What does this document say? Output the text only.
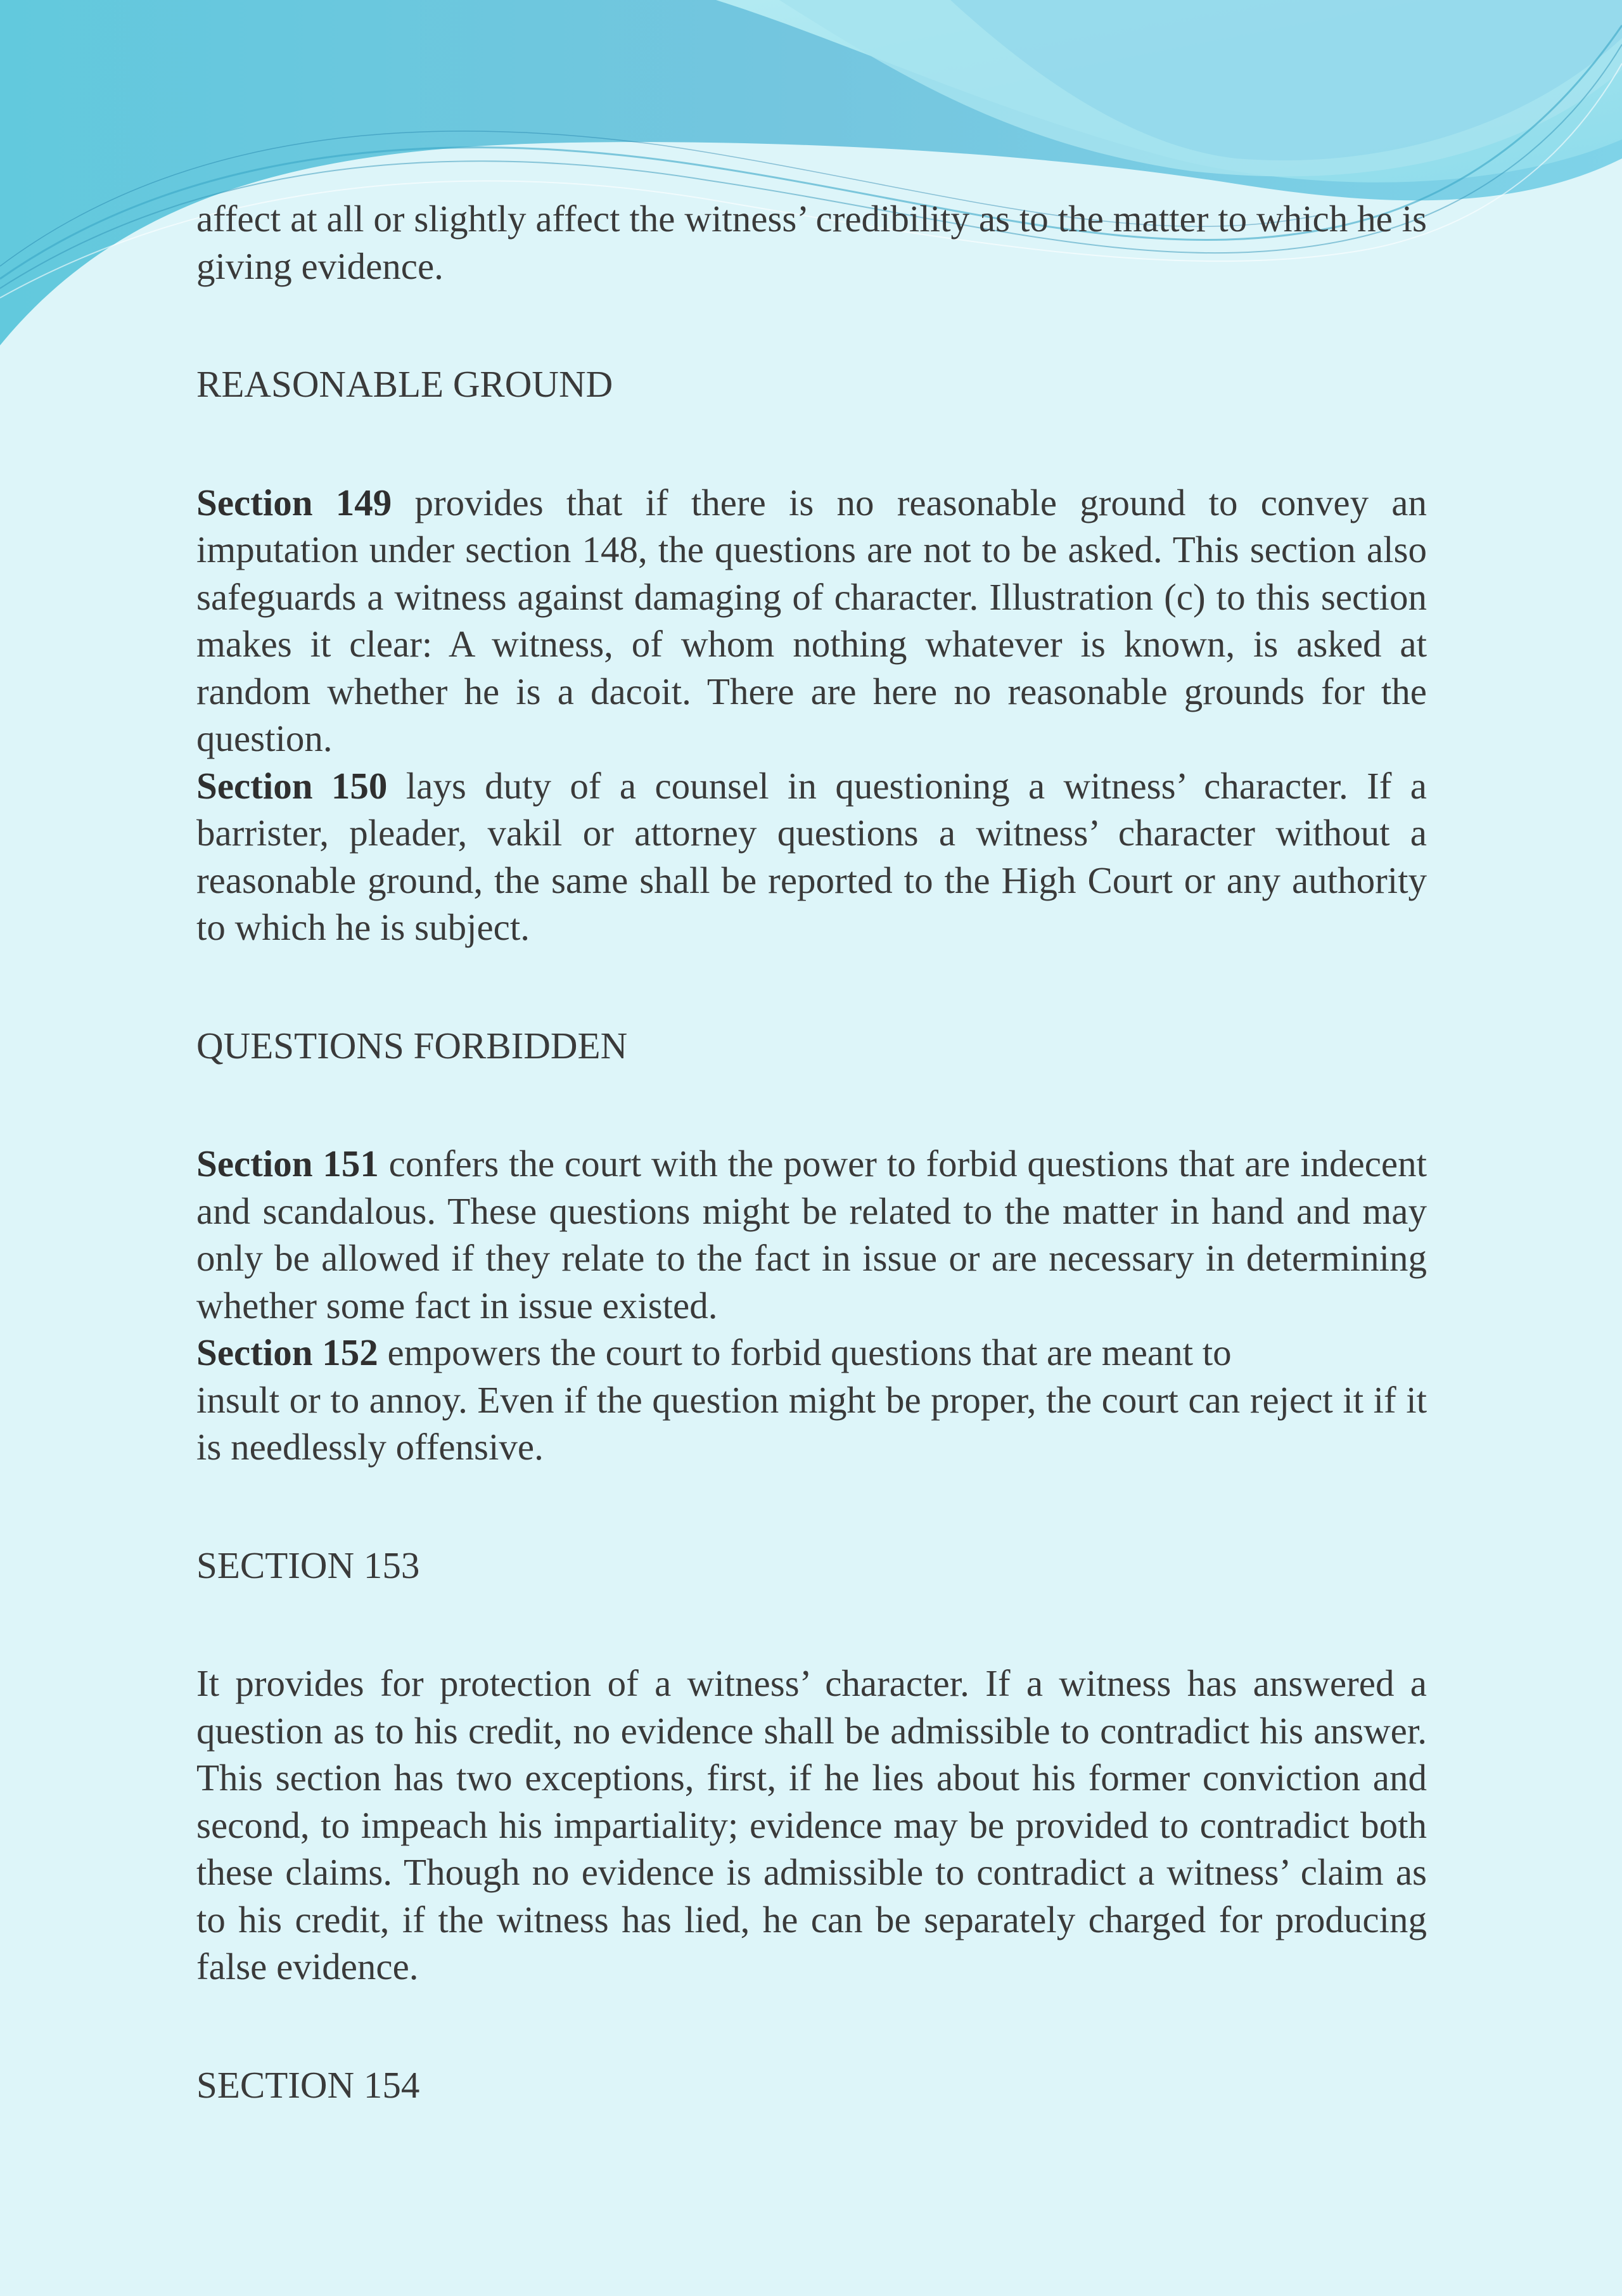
affect at all or slightly affect the witness’ credibility as to the matter to which he is giving evidence.

REASONABLE GROUND

Section 149 provides that if there is no reasonable ground to convey an imputation under section 148, the questions are not to be asked. This section also safeguards a witness against damaging of character. Illustration (c) to this section makes it clear: A witness, of whom nothing whatever is known, is asked at random whether he is a dacoit. There are here no reasonable grounds for the question.

Section 150 lays duty of a counsel in questioning a witness’ character. If a barrister, pleader, vakil or attorney questions a witness’ character without a reasonable ground, the same shall be reported to the High Court or any authority to which he is subject.

QUESTIONS FORBIDDEN

Section 151 confers the court with the power to forbid questions that are indecent and scandalous. These questions might be related to the matter in hand and may only be allowed if they relate to the fact in issue or are necessary in determining whether some fact in issue existed.

Section 152 empowers the court to forbid questions that are meant to

insult or to annoy. Even if the question might be proper, the court can reject it if it is needlessly offensive.

SECTION 153

It provides for protection of a witness’ character. If a witness has answered a question as to his credit, no evidence shall be admissible to contradict his answer. This section has two exceptions, first, if he lies about his former conviction and second, to impeach his impartiality; evidence may be provided to contradict both these claims. Though no evidence is admissible to contradict a witness’ claim as to his credit, if the witness has lied, he can be separately charged for producing false evidence.

SECTION 154
